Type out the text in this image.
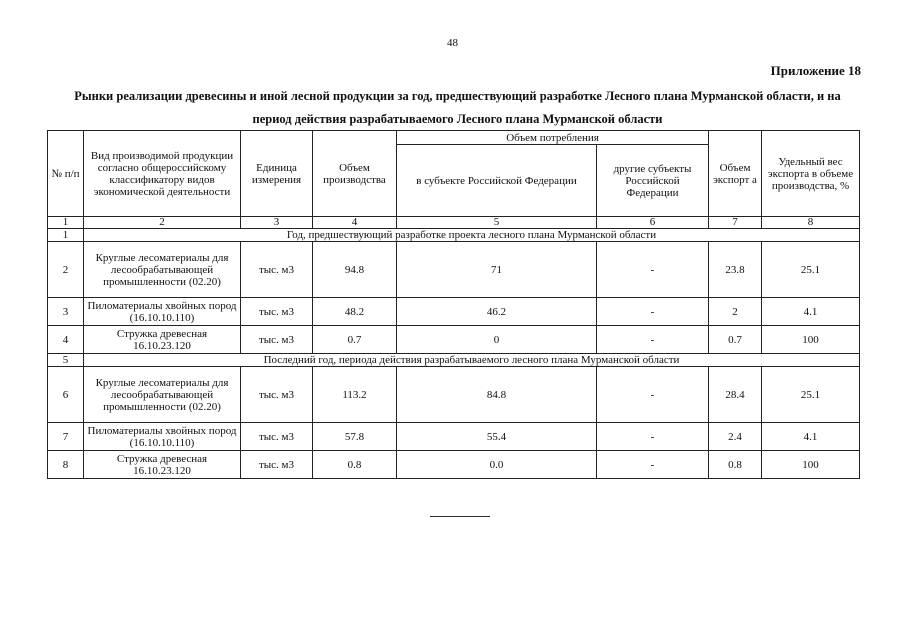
48
Приложение 18
Рынки реализации древесины и иной лесной продукции за год, предшествующий разработке Лесного плана Мурманской области, и на
период действия разрабатываемого Лесного плана Мурманской области
№ п/п	Вид производимой продукции согласно общероссийскому классификатору видов экономической деятельности	Единица измерения	Объем производства	Объем потребления		Объем экспорт а	Удельный вес экспорта в объеме производства, %
				в субъекте Российской Федерации	другие субъекты Российской Федерации		
1	2	3	4	5	6	7	8
1	Год, предшествующий разработке проекта лесного плана Мурманской области						
2	Круглые лесоматериалы для лесообрабатывающей промышленности (02.20)	тыс. м3	94.8	71	-	23.8	25.1
3	Пиломатериалы хвойных пород (16.10.10.110)	тыс. м3	48.2	46.2	-	2	4.1
4	Стружка древесная 16.10.23.120	тыс. м3	0.7	0	-	0.7	100
5	Последний год, периода действия разрабатываемого лесного плана Мурманской области						
6	Круглые лесоматериалы для лесообрабатывающей промышленности (02.20)	тыс. м3	113.2	84.8	-	28.4	25.1
7	Пиломатериалы хвойных пород (16.10.10.110)	тыс. м3	57.8	55.4	-	2.4	4.1
8	Стружка древесная 16.10.23.120	тыс. м3	0.8	0.0	-	0.8	100
